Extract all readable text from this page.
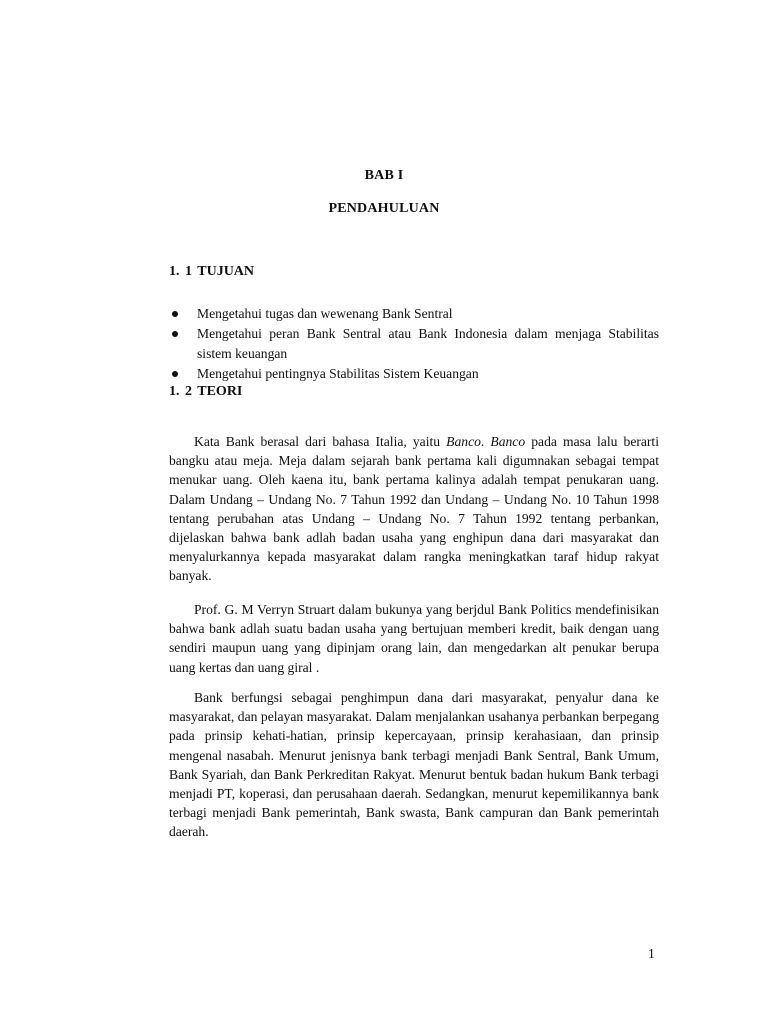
BAB I
PENDAHULUAN
1. 1 TUJUAN
Mengetahui tugas dan wewenang Bank Sentral
Mengetahui peran Bank Sentral atau Bank Indonesia dalam menjaga Stabilitas sistem keuangan
Mengetahui pentingnya Stabilitas Sistem Keuangan
1. 2 TEORI

Kata Bank berasal dari bahasa Italia, yaitu Banco. Banco pada masa lalu berarti bangku atau meja. Meja dalam sejarah bank pertama kali digumnakan sebagai tempat menukar uang. Oleh kaena itu, bank pertama kalinya adalah tempat penukaran uang. Dalam Undang – Undang No. 7 Tahun 1992 dan Undang – Undang No. 10 Tahun 1998 tentang perubahan atas Undang – Undang No. 7 Tahun 1992 tentang perbankan, dijelaskan bahwa bank adlah badan usaha yang enghipun dana dari masyarakat dan menyalurkannya kepada masyarakat dalam rangka meningkatkan taraf hidup rakyat banyak.

Prof. G. M Verryn Struart dalam bukunya yang berjdul Bank Politics mendefinisikan bahwa bank adlah suatu badan usaha yang bertujuan memberi kredit, baik dengan uang sendiri maupun uang yang dipinjam orang lain, dan mengedarkan alt penukar berupa uang kertas dan uang giral .

Bank berfungsi sebagai penghimpun dana dari masyarakat, penyalur dana ke masyarakat, dan pelayan masyarakat. Dalam menjalankan usahanya perbankan berpegang pada prinsip kehati-hatian, prinsip kepercayaan, prinsip kerahasiaan, dan prinsip mengenal nasabah. Menurut jenisnya bank terbagi menjadi Bank Sentral, Bank Umum, Bank Syariah, dan Bank Perkreditan Rakyat. Menurut bentuk badan hukum Bank terbagi menjadi PT, koperasi, dan perusahaan daerah. Sedangkan, menurut kepemilikannya bank terbagi menjadi Bank pemerintah, Bank swasta, Bank campuran dan Bank pemerintah daerah.

1
